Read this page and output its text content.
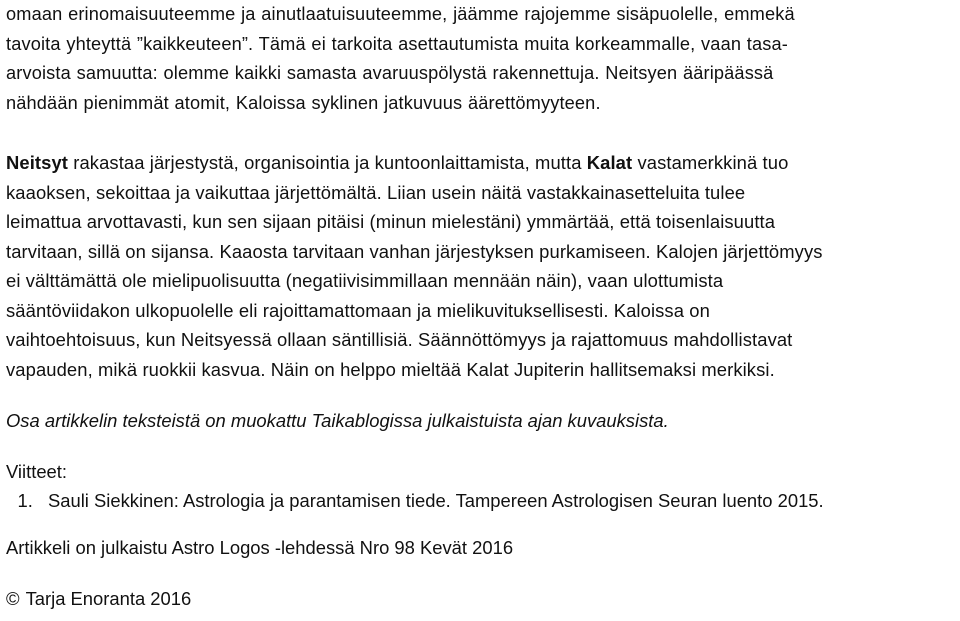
omaan erinomaisuuteemme ja ainutlaatuisuuteemme, jäämme rajojemme sisäpuolelle, emmekä
tavoita yhteyttä ”kaikkeuteen”. Tämä ei tarkoita asettautumista muita korkeammalle, vaan tasa-
arvoista samuutta: olemme kaikki samasta avaruuspölystä rakennettuja. Neitsyen ääripäässä
nähdään pienimmät atomit, Kaloissa syklinen jatkuvuus äärettömyyteen.

Neitsyt rakastaa järjestystä, organisointia ja kuntoonlaittamista, mutta Kalat vastamerkkinä tuo
kaaoksen, sekoittaa ja vaikuttaa järjettömältä. Liian usein näitä vastakkainasetteluita tulee
leimattua arvottavasti, kun sen sijaan pitäisi (minun mielestäni) ymmärtää, että toisenlaisuutta
tarvitaan, sillä on sijansa. Kaaosta tarvitaan vanhan järjestyksen purkamiseen. Kalojen järjettömyys
ei välttämättä ole mielipuolisuutta (negatiivisimmillaan mennään näin), vaan ulottumista
sääntöviidakon ulkopuolelle eli rajoittamattomaan ja mielikuvituksellisesti. Kaloissa on
vaihtoehtoisuus, kun Neitsyessä ollaan säntillisiä. Säännöttömyys ja rajattomuus mahdollistavat
vapauden, mikä ruokkii kasvua. Näin on helppo mieltää Kalat Jupiterin hallitsemaksi merkiksi.

Osa artikkelin teksteistä on muokattu Taikablogissa julkaistuista ajan kuvauksista.

Viitteet:
1. Sauli Siekkinen: Astrologia ja parantamisen tiede. Tampereen Astrologisen Seuran luento 2015.

Artikkeli on julkaistu Astro Logos -lehdessä Nro 98 Kevät 2016

© Tarja Enoranta 2016
